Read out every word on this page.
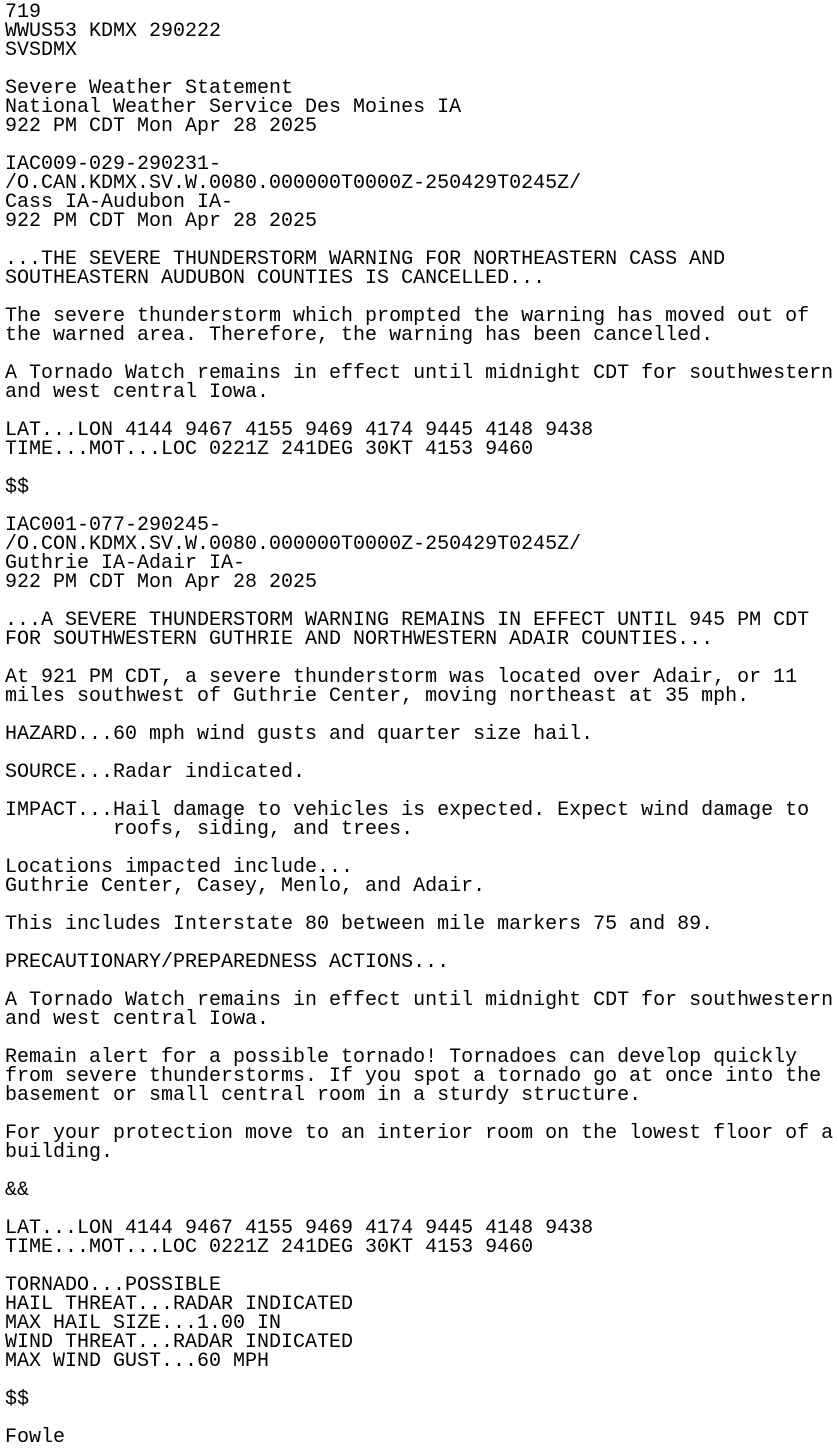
719
WWUS53 KDMX 290222
SVSDMX
Severe Weather Statement
National Weather Service Des Moines IA
922 PM CDT Mon Apr 28 2025
IAC009-029-290231-
/O.CAN.KDMX.SV.W.0080.000000T0000Z-250429T0245Z/
Cass IA-Audubon IA-
922 PM CDT Mon Apr 28 2025
...THE SEVERE THUNDERSTORM WARNING FOR NORTHEASTERN CASS AND
SOUTHEASTERN AUDUBON COUNTIES IS CANCELLED...
The severe thunderstorm which prompted the warning has moved out of
the warned area. Therefore, the warning has been cancelled.
A Tornado Watch remains in effect until midnight CDT for southwestern
and west central Iowa.
LAT...LON 4144 9467 4155 9469 4174 9445 4148 9438
TIME...MOT...LOC 0221Z 241DEG 30KT 4153 9460
$$
IAC001-077-290245-
/O.CON.KDMX.SV.W.0080.000000T0000Z-250429T0245Z/
Guthrie IA-Adair IA-
922 PM CDT Mon Apr 28 2025
...A SEVERE THUNDERSTORM WARNING REMAINS IN EFFECT UNTIL 945 PM CDT
FOR SOUTHWESTERN GUTHRIE AND NORTHWESTERN ADAIR COUNTIES...
At 921 PM CDT, a severe thunderstorm was located over Adair, or 11
miles southwest of Guthrie Center, moving northeast at 35 mph.
HAZARD...60 mph wind gusts and quarter size hail.
SOURCE...Radar indicated.
IMPACT...Hail damage to vehicles is expected. Expect wind damage to
roofs, siding, and trees.
Locations impacted include...
Guthrie Center, Casey, Menlo, and Adair.
This includes Interstate 80 between mile markers 75 and 89.
PRECAUTIONARY/PREPAREDNESS ACTIONS...
A Tornado Watch remains in effect until midnight CDT for southwestern
and west central Iowa.
Remain alert for a possible tornado! Tornadoes can develop quickly
from severe thunderstorms. If you spot a tornado go at once into the
basement or small central room in a sturdy structure.
For your protection move to an interior room on the lowest floor of a
building.
&&
LAT...LON 4144 9467 4155 9469 4174 9445 4148 9438
TIME...MOT...LOC 0221Z 241DEG 30KT 4153 9460
TORNADO...POSSIBLE
HAIL THREAT...RADAR INDICATED
MAX HAIL SIZE...1.00 IN
WIND THREAT...RADAR INDICATED
MAX WIND GUST...60 MPH
$$
Fowle
